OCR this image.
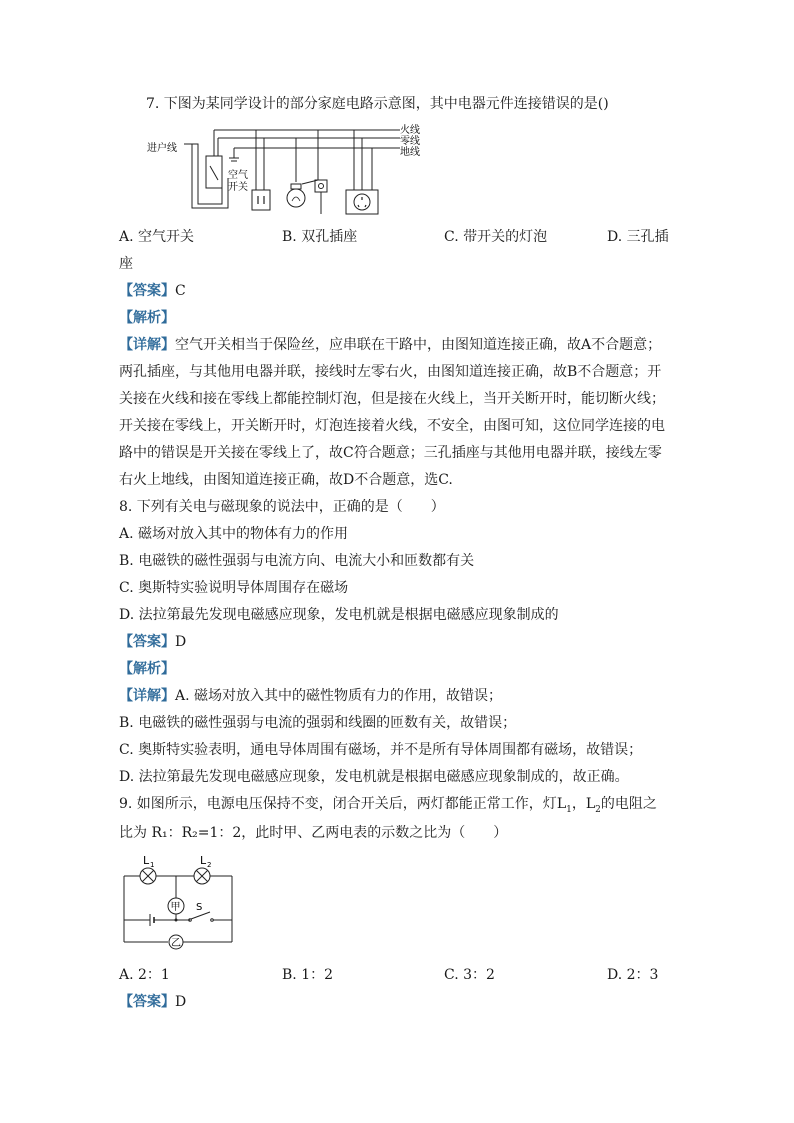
7. 下图为某同学设计的部分家庭电路示意图，其中电器元件连接错误的是()
进户线
空气
开关
火线
零线
地线
A. 空气开关	B. 双孔插座	C. 带开关的灯泡	D. 三孔插
座
【答案】C
【解析】
【详解】空气开关相当于保险丝，应串联在干路中，由图知道连接正确，故A不合题意；
两孔插座，与其他用电器并联，接线时左零右火，由图知道连接正确，故B不合题意；开
关接在火线和接在零线上都能控制灯泡，但是接在火线上，当开关断开时，能切断火线；
开关接在零线上，开关断开时，灯泡连接着火线，不安全，由图可知，这位同学连接的电
路中的错误是开关接在零线上了，故C符合题意；三孔插座与其他用电器并联，接线左零
右火上地线，由图知道连接正确，故D不合题意，选C.
8. 下列有关电与磁现象的说法中，正确的是（　　）
A. 磁场对放入其中的物体有力的作用
B. 电磁铁的磁性强弱与电流方向、电流大小和匝数都有关
C. 奥斯特实验说明导体周围存在磁场
D. 法拉第最先发现电磁感应现象，发电机就是根据电磁感应现象制成的
【答案】D
【解析】
【详解】A. 磁场对放入其中的磁性物质有力的作用，故错误；
B. 电磁铁的磁性强弱与电流的强弱和线圈的匝数有关，故错误；
C. 奥斯特实验表明，通电导体周围有磁场，并不是所有导体周围都有磁场，故错误；
D. 法拉第最先发现电磁感应现象，发电机就是根据电磁感应现象制成的，故正确。
9. 如图所示，电源电压保持不变，闭合开关后，两灯都能正常工作，灯$L_1$，$L_2$的电阻之
比为 R₁：R₂=1：2，此时甲、乙两电表的示数之比为（　　）
L 1	L 2
甲 S
乙
A. 2：1	B. 1：2	C. 3：2	D. 2：3
【答案】D
